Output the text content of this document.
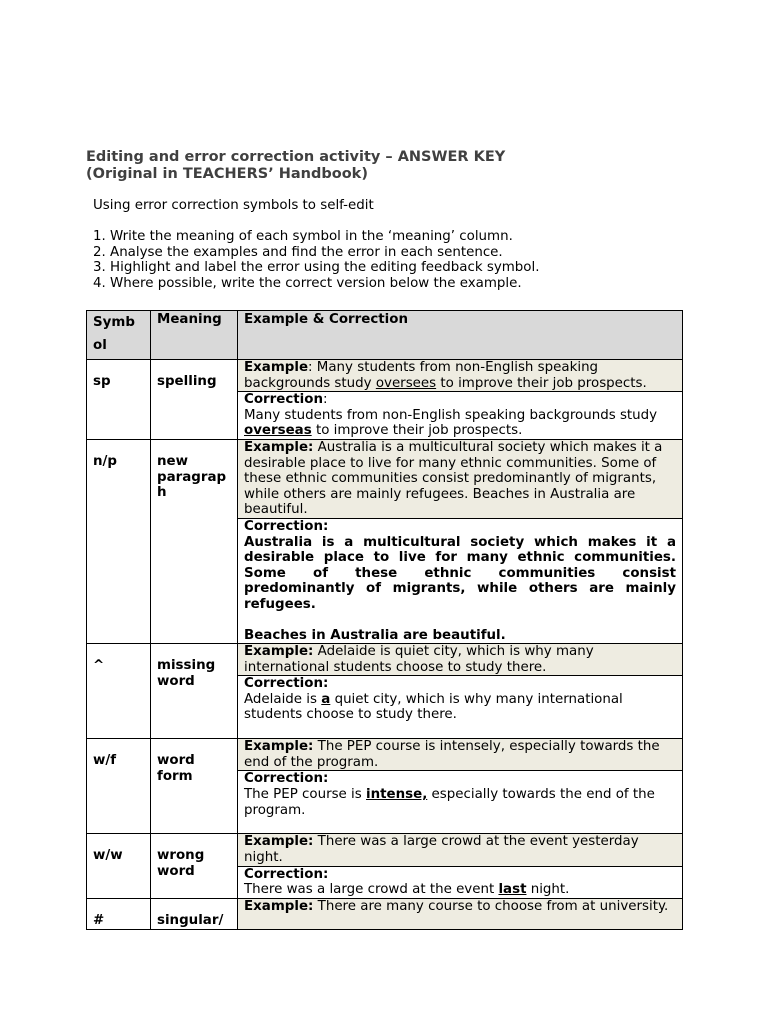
Editing and error correction activity – ANSWER KEY
(Original in TEACHERS’ Handbook)
Using error correction symbols to self-edit
1. Write the meaning of each symbol in the ‘meaning’ column.
2. Analyse the examples and find the error in each sentence.
3. Highlight and label the error using the editing feedback symbol.
4. Where possible, write the correct version below the example.
Symb
ol	Meaning	Example & Correction
sp	spelling	Example: Many students from non-English speaking backgrounds study oversees to improve their job prospects.
		Correction:
Many students from non-English speaking backgrounds study overseas to improve their job prospects.
n/p	new paragrap h	Example: Australia is a multicultural society which makes it a desirable place to live for many ethnic communities. Some of these ethnic communities consist predominantly of migrants, while others are mainly refugees. Beaches in Australia are beautiful.
		Correction:
Australia is a multicultural society which makes it a desirable place to live for many ethnic communities. Some of these ethnic communities consist predominantly of migrants, while others are mainly refugees.
Beaches in Australia are beautiful.

^	missing word	Example: Adelaide is quiet city, which is why many international students choose to study there.
		Correction:
Adelaide is a quiet city, which is why many international students choose to study there.
w/f	word form	Example: The PEP course is intensely, especially towards the end of the program.
		Correction:
The PEP course is intense, especially towards the end of the program.
w/w	wrong word	Example: There was a large crowd at the event yesterday night.
		Correction:
There was a large crowd at the event last night.
#	singular/	Example: There are many course to choose from at university.
